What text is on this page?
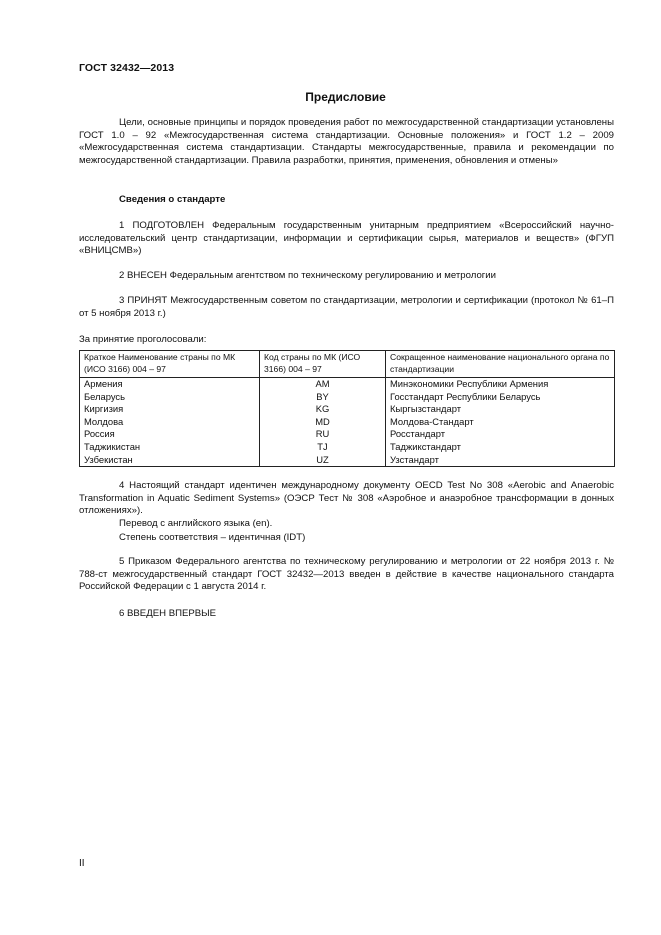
ГОСТ 32432—2013
Предисловие

Цели, основные принципы и порядок проведения работ по межгосударственной стандартизации установлены ГОСТ 1.0 – 92 «Межгосударственная система стандартизации. Основные положения» и ГОСТ 1.2 – 2009 «Межгосударственная система стандартизации. Стандарты межгосударственные, правила и рекомендации по межгосударственной стандартизации. Правила разработки, принятия, применения, обновления и отмены»

Сведения о стандарте

1 ПОДГОТОВЛЕН Федеральным государственным унитарным предприятием «Всероссийский научно-исследовательский центр стандартизации, информации и сертификации сырья, материалов и веществ» (ФГУП «ВНИЦСМВ»)

2 ВНЕСЕН Федеральным агентством по техническому регулированию и метрологии

3 ПРИНЯТ Межгосударственным советом по стандартизации, метрологии и сертификации (протокол № 61–П от 5 ноября 2013 г.)

За принятие проголосовали:

Краткое Наименование страны по МК (ИСО 3166) 004 – 97	Код страны по МК (ИСО 3166) 004 – 97	Сокращенное наименование национального органа по стандартизации
Армения	AM	Минэкономики Республики Армения
Беларусь	BY	Госстандарт Республики Беларусь
Киргизия	KG	Кыргызстандарт
Молдова	MD	Молдова-Стандарт
Россия	RU	Росстандарт
Таджикистан	TJ	Таджикстандарт
Узбекистан	UZ	Узстандарт

4 Настоящий стандарт идентичен международному документу OECD Test No 308 «Aerobic and Anaerobic Transformation in Aquatic Sediment Systems» (ОЭСР Тест № 308 «Аэробное и анаэробное трансформации в донных отложениях»).

Перевод с английского языка (en).

Степень соответствия – идентичная (IDT)

5 Приказом Федерального агентства по техническому регулированию и метрологии от 22 ноября 2013 г. № 788-ст межгосударственный стандарт ГОСТ 32432—2013 введен в действие в качестве национального стандарта Российской Федерации с 1 августа 2014 г.

6 ВВЕДЕН ВПЕРВЫЕ

II
